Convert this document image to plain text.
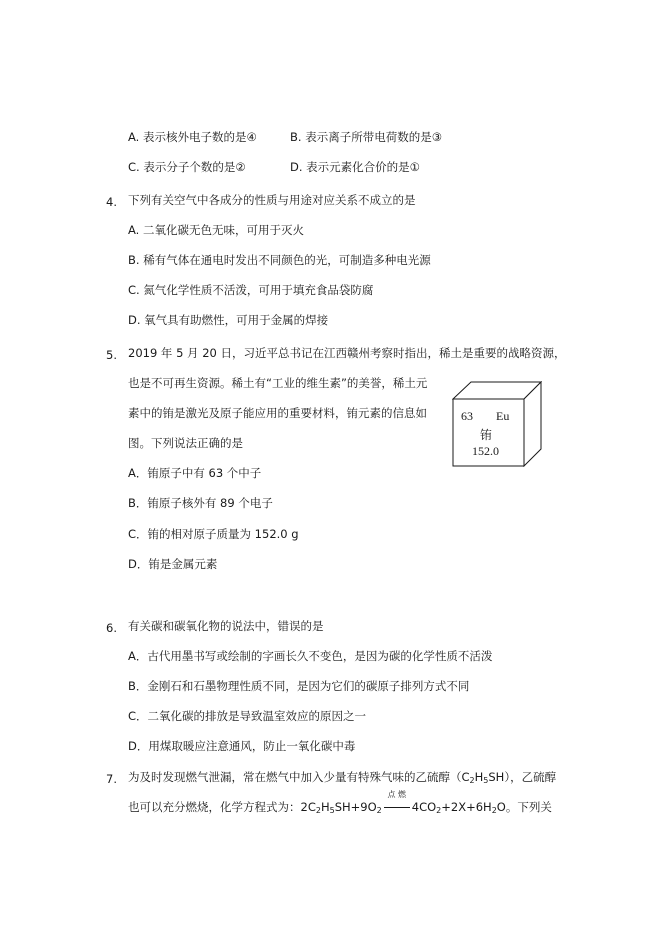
A. 表示核外电子数的是④	B. 表示离子所带电荷数的是③
C. 表示分子个数的是②	D. 表示元素化合价的是①
4. 下列有关空气中各成分的性质与用途对应关系不成立的是
A. 二氧化碳无色无味，可用于灭火
B. 稀有气体在通电时发出不同颜色的光，可制造多种电光源
C. 氮气化学性质不活泼，可用于填充食品袋防腐
D. 氧气具有助燃性，可用于金属的焊接
5. 2019 年 5 月 20 日，习近平总书记在江西赣州考察时指出，稀土是重要的战略资源，
也是不可再生资源。稀土有“工业的维生素”的美誉，稀土元
素中的铕是激光及原子能应用的重要材料，铕元素的信息如
图。下列说法正确的是
63 Eu
铕
152.0
A．铕原子中有 63 个中子
B．铕原子核外有 89 个电子
C．铕的相对原子质量为 152.0 g
D．铕是金属元素
6. 有关碳和碳氧化物的说法中，错误的是
A．古代用墨书写或绘制的字画长久不变色，是因为碳的化学性质不活泼
B．金刚石和石墨物理性质不同，是因为它们的碳原子排列方式不同
C．二氧化碳的排放是导致温室效应的原因之一
D．用煤取暖应注意通风，防止一氧化碳中毒
7. 为及时发现燃气泄漏，常在燃气中加入少量有特殊气味的乙硫醇$(C_2H_5SH)$，乙硫醇
也可以充分燃烧，化学方程式为：$2C_2H_5SH+9O_2$
点 燃
$4CO_2+2X+6H_2O$。下列关
